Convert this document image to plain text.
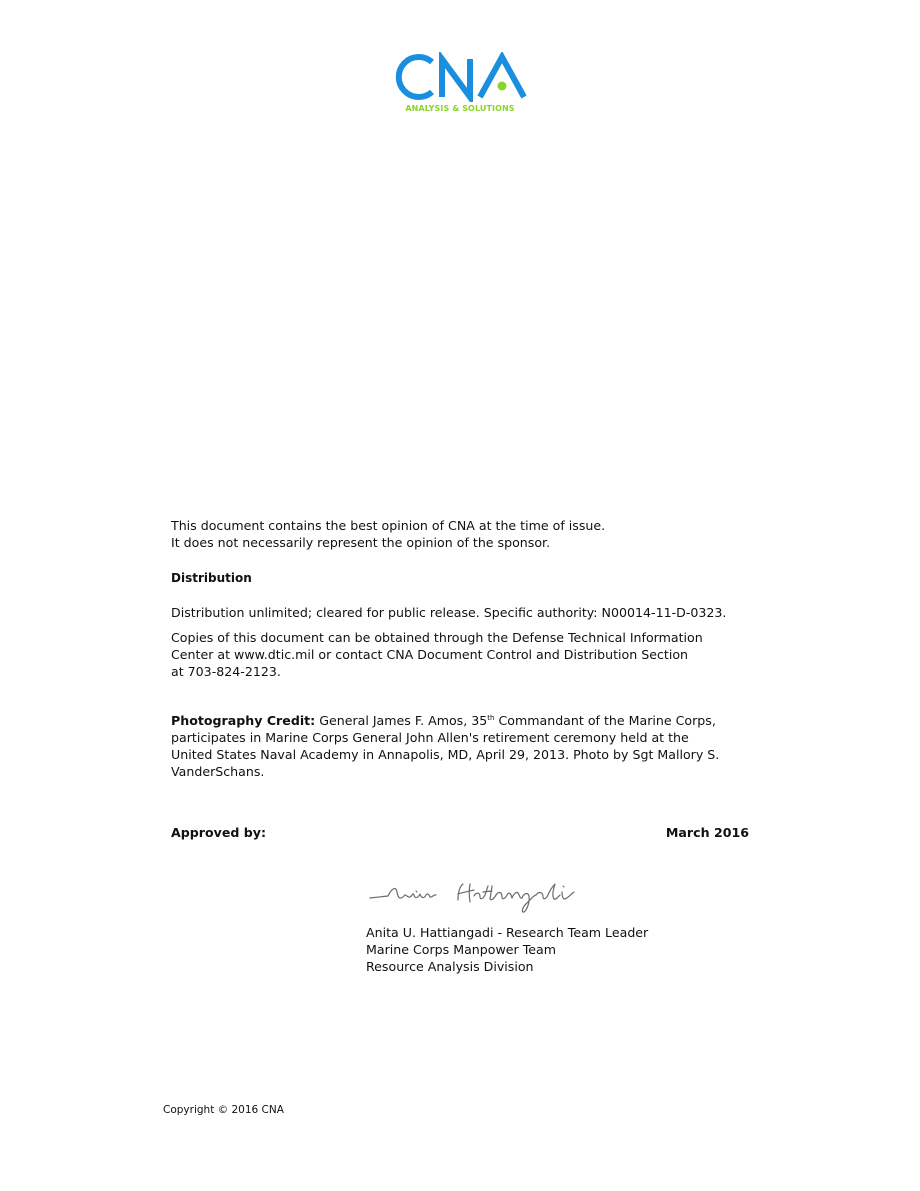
ANALYSIS & SOLUTIONS

This document contains the best opinion of CNA at the time of issue.

It does not necessarily represent the opinion of the sponsor.

Distribution
Distribution unlimited; cleared for public release. Specific authority: N00014-11-D-0323.

Copies of this document can be obtained through the Defense Technical Information

Center at www.dtic.mil or contact CNA Document Control and Distribution Section

at 703-824-2123.

Photography Credit: General James F. Amos, 35th Commandant of the Marine Corps,

participates in Marine Corps General John Allen's retirement ceremony held at the

United States Naval Academy in Annapolis, MD, April 29, 2013. Photo by Sgt Mallory S.

VanderSchans.

Approved by:	March 2016

Anita U. Hattiangadi - Research Team Leader

Marine Corps Manpower Team

Resource Analysis Division

Copyright © 2016 CNA
